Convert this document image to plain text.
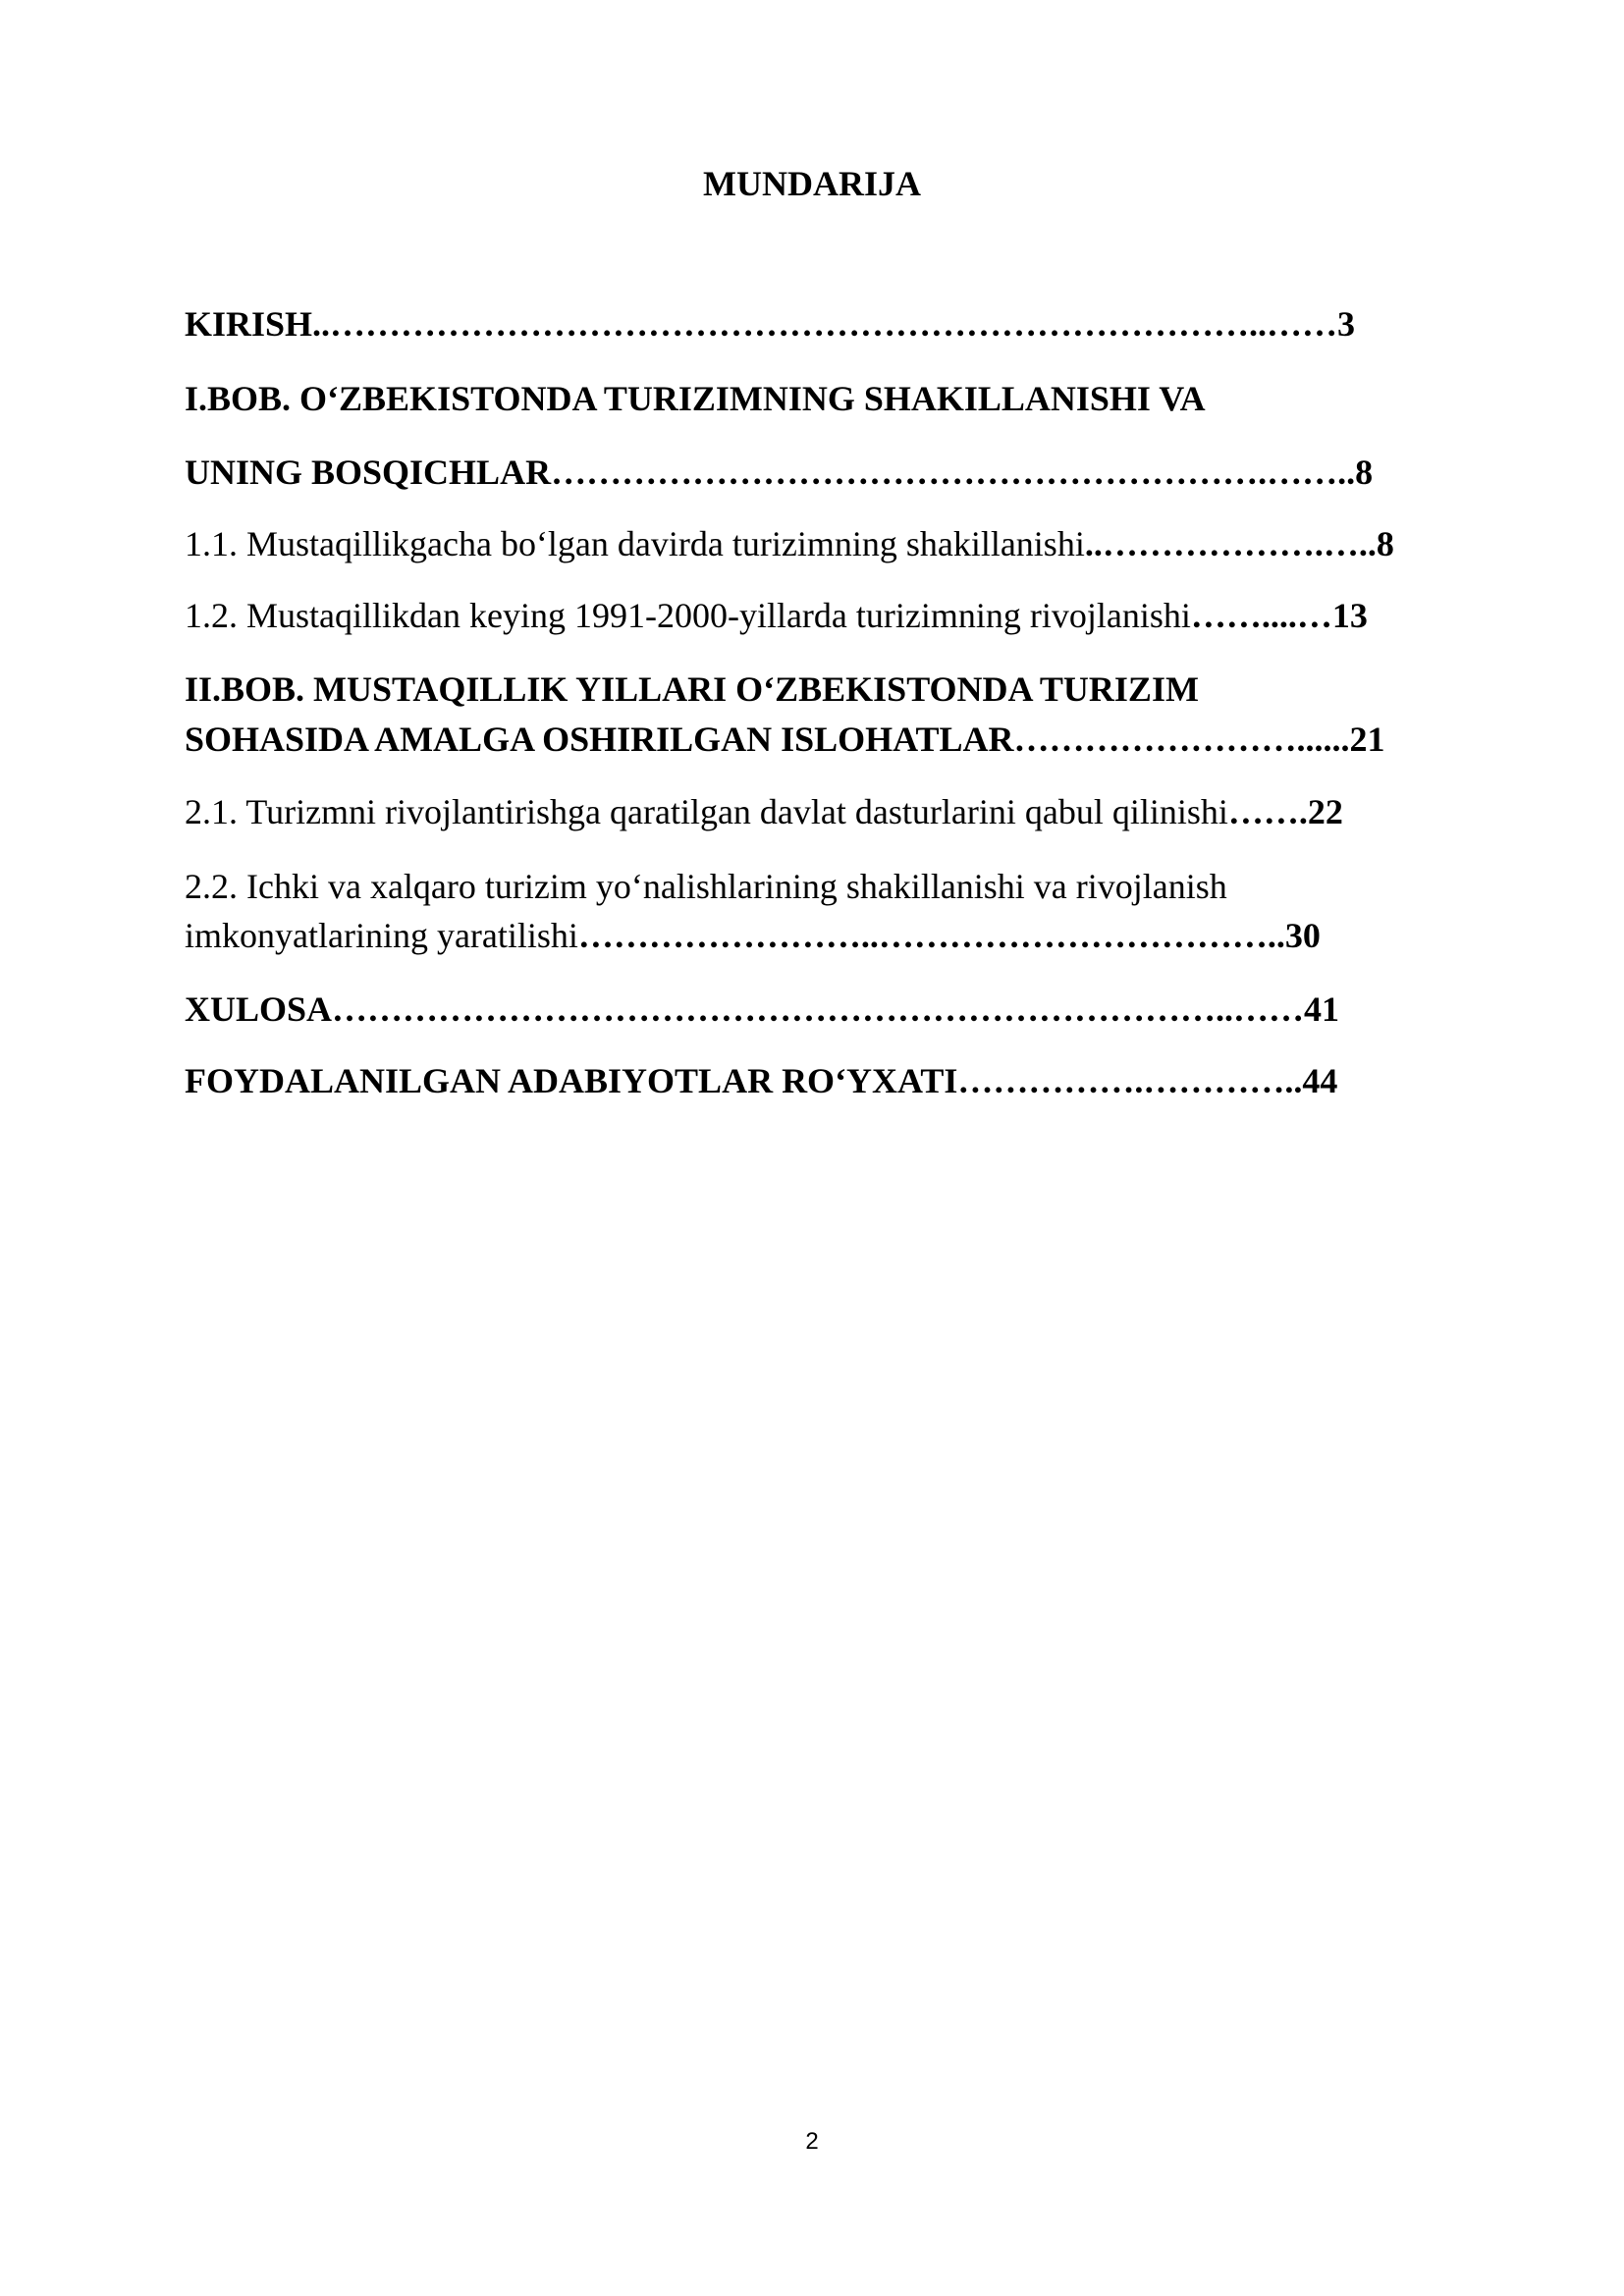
MUNDARIJA
KIRISH..……………………………………………………………………..……3
I.BOB. O‘ZBEKISTONDA TURIZIMNING SHAKILLANISHI VA
UNING BOSQICHLAR…………………………………………………….……..8
1.1. Mustaqillikgacha bo‘lgan davirda turizimning shakillanishi..……………….…..8
1.2. Mustaqillikdan keying 1991-2000-yillarda turizimning rivojlanishi……....…13
II.BOB. MUSTAQILLIK YILLARI O‘ZBEKISTONDA TURIZIM
SOHASIDA AMALGA OSHIRILGAN ISLOHATLAR……………………......21
2.1. Turizmni rivojlantirishga qaratilgan davlat dasturlarini qabul qilinishi…….22
2.2. Ichki va xalqaro turizim yo‘nalishlarining shakillanishi va rivojlanish
imkonyatlarining yaratilishi……………………..……………………………..30
XULOSA…………………………………………………………………..……41
FOYDALANILGAN ADABIYOTLAR RO‘YXATI…………….…………..44
2
